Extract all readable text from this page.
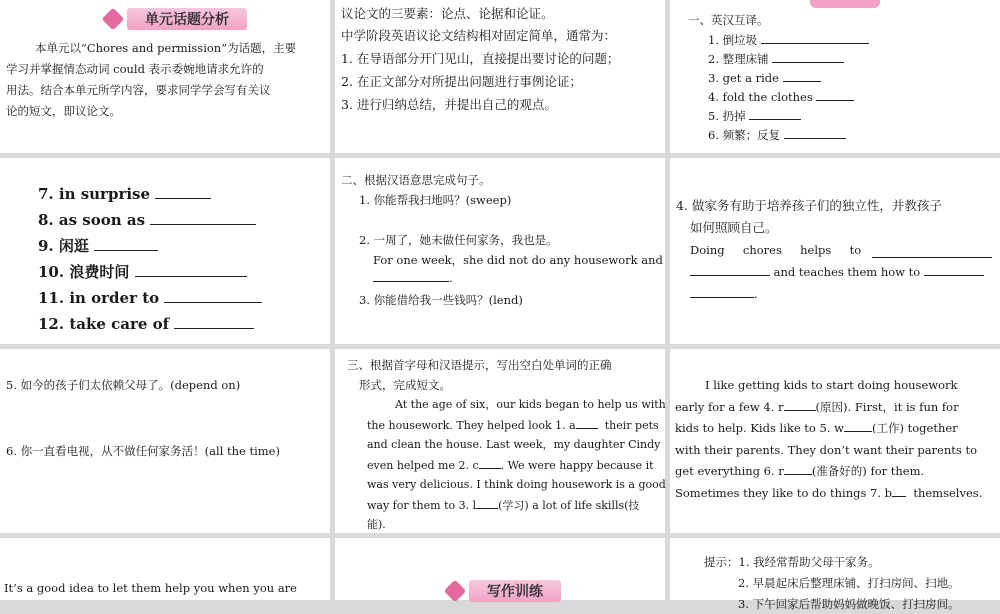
单元话题分析

本单元以“Chores and permission”为话题，主要

学习并掌握情态动词 could 表示委婉地请求允许的

用法。结合本单元所学内容，要求同学学会写有关议

论的短文，即议论文。

议论文的三要素：论点、论据和论证。

中学阶段英语议论文结构相对固定简单，通常为：

1. 在导语部分开门见山，直接提出要讨论的问题；

2. 在正文部分对所提出问题进行事例论证；

3. 进行归纳总结，并提出自己的观点。

一、英汉互译。

1. 倒垃圾

2. 整理床铺

3. get a ride

4. fold the clothes

5. 扔掉

6. 频繁；反复

7. in surprise

8. as soon as

9. 闲逛

10. 浪费时间

11. in order to

12. take care of

二、根据汉语意思完成句子。

1. 你能帮我扫地吗？(sweep)

2. 一周了，她未做任何家务，我也是。

For one week，she did not do any housework and

.

3. 你能借给我一些钱吗？(lend)

4. 做家务有助于培养孩子们的独立性，并教孩子

如何照顾自己。

Doing chores helps to

and teaches them how to

.

5. 如今的孩子们太依赖父母了。(depend on)

6. 你一直看电视，从不做任何家务活！(all the time)

三、根据首字母和汉语提示，写出空白处单词的正确

形式，完成短文。

At the age of six，our kids began to help us with
the housework. They helped look 1. a	their pets
and clean the house. Last week，my daughter Cindy
even helped me 2. c . We were happy because it
was very delicious. I think doing housework is a good
way for them to 3. l (学习) a lot of life skills(技
能).
I like getting kids to start doing housework
early for a few 4. r	(原因). First，it is fun for
kids to help. Kids like to 5. w (工作) together
with their parents. They don’t want their parents to
get everything 6. r (准备好的) for them.
Sometimes they like to do things 7. b themselves.

It’s a good idea to let them help you when you are	写作训练

提示：1. 我经常帮助父母干家务。

2. 早晨起床后整理床铺、打扫房间、扫地。

3. 下午回家后帮助妈妈做晚饭、打扫房间。
